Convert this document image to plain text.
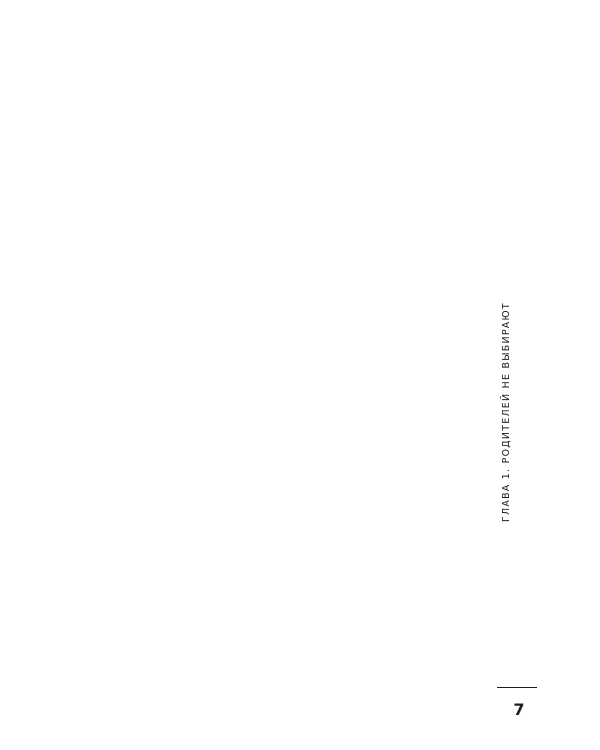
ГЛАВА 1. РОДИТЕЛЕЙ НЕ ВЫБИРАЮТ
7
